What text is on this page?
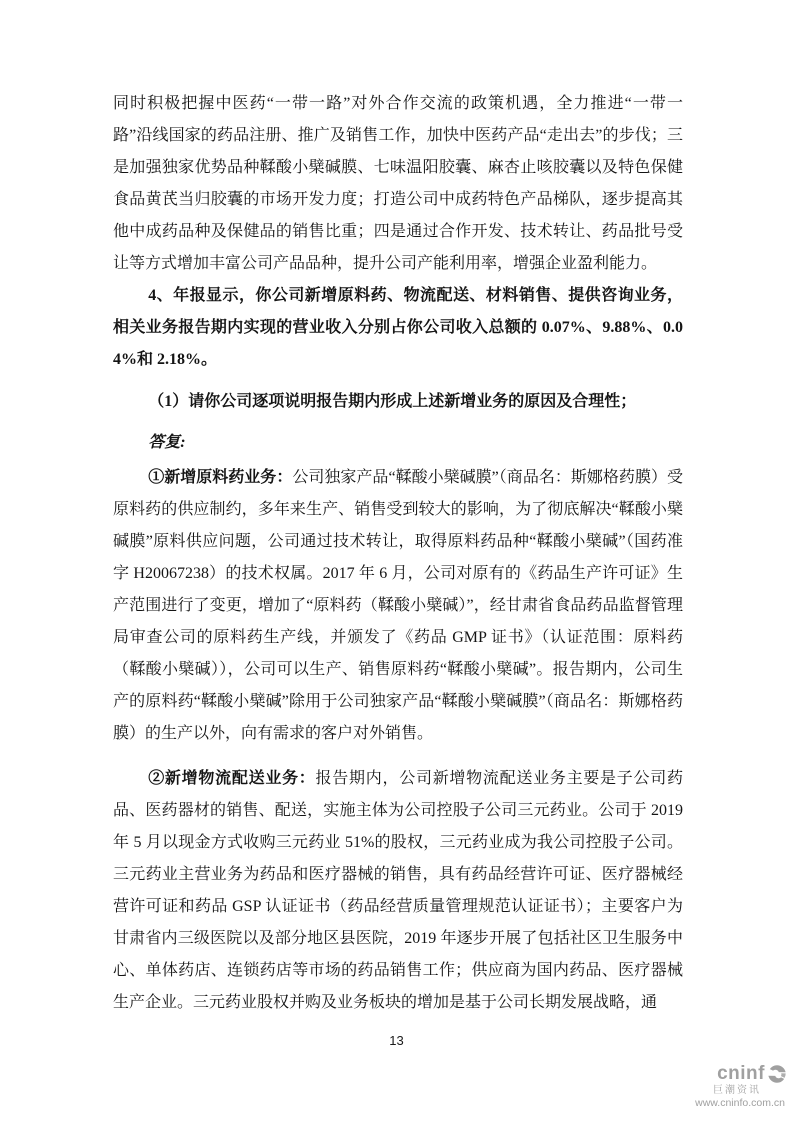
同时积极把握中医药“一带一路”对外合作交流的政策机遇，全力推进“一带一路”沿线国家的药品注册、推广及销售工作，加快中医药产品“走出去”的步伐；三是加强独家优势品种鞣酸小檗碱膜、七味温阳胶囊、麻杏止咳胶囊以及特色保健食品黄芪当归胶囊的市场开发力度；打造公司中成药特色产品梯队，逐步提高其他中成药品种及保健品的销售比重；四是通过合作开发、技术转让、药品批号受让等方式增加丰富公司产品品种，提升公司产能利用率，增强企业盈利能力。

4、年报显示，你公司新增原料药、物流配送、材料销售、提供咨询业务，相关业务报告期内实现的营业收入分别占你公司收入总额的 0.07%、9.88%、0.04%和 2.18%。

（1）请你公司逐项说明报告期内形成上述新增业务的原因及合理性；

答复:

①新增原料药业务：公司独家产品“鞣酸小檗碱膜”（商品名：斯娜格药膜）受原料药的供应制约，多年来生产、销售受到较大的影响，为了彻底解决“鞣酸小檗碱膜”原料供应问题，公司通过技术转让，取得原料药品种“鞣酸小檗碱”（国药准字 H20067238）的技术权属。2017 年 6 月，公司对原有的《药品生产许可证》生产范围进行了变更，增加了“原料药（鞣酸小檗碱）”，经甘肃省食品药品监督管理局审查公司的原料药生产线，并颁发了《药品 GMP 证书》（认证范围：原料药（鞣酸小檗碱）），公司可以生产、销售原料药“鞣酸小檗碱”。报告期内，公司生产的原料药“鞣酸小檗碱”除用于公司独家产品“鞣酸小檗碱膜”（商品名：斯娜格药膜）的生产以外，向有需求的客户对外销售。

②新增物流配送业务：报告期内，公司新增物流配送业务主要是子公司药品、医药器材的销售、配送，实施主体为公司控股子公司三元药业。公司于 2019 年 5 月以现金方式收购三元药业 51%的股权，三元药业成为我公司控股子公司。三元药业主营业务为药品和医疗器械的销售，具有药品经营许可证、医疗器械经营许可证和药品 GSP 认证证书（药品经营质量管理规范认证证书）；主要客户为甘肃省内三级医院以及部分地区县医院，2019 年逐步开展了包括社区卫生服务中心、单体药店、连锁药店等市场的药品销售工作；供应商为国内药品、医疗器械生产企业。三元药业股权并购及业务板块的增加是基于公司长期发展战略，通

13
cninf
巨潮资讯
www.cninfo.com.cn
